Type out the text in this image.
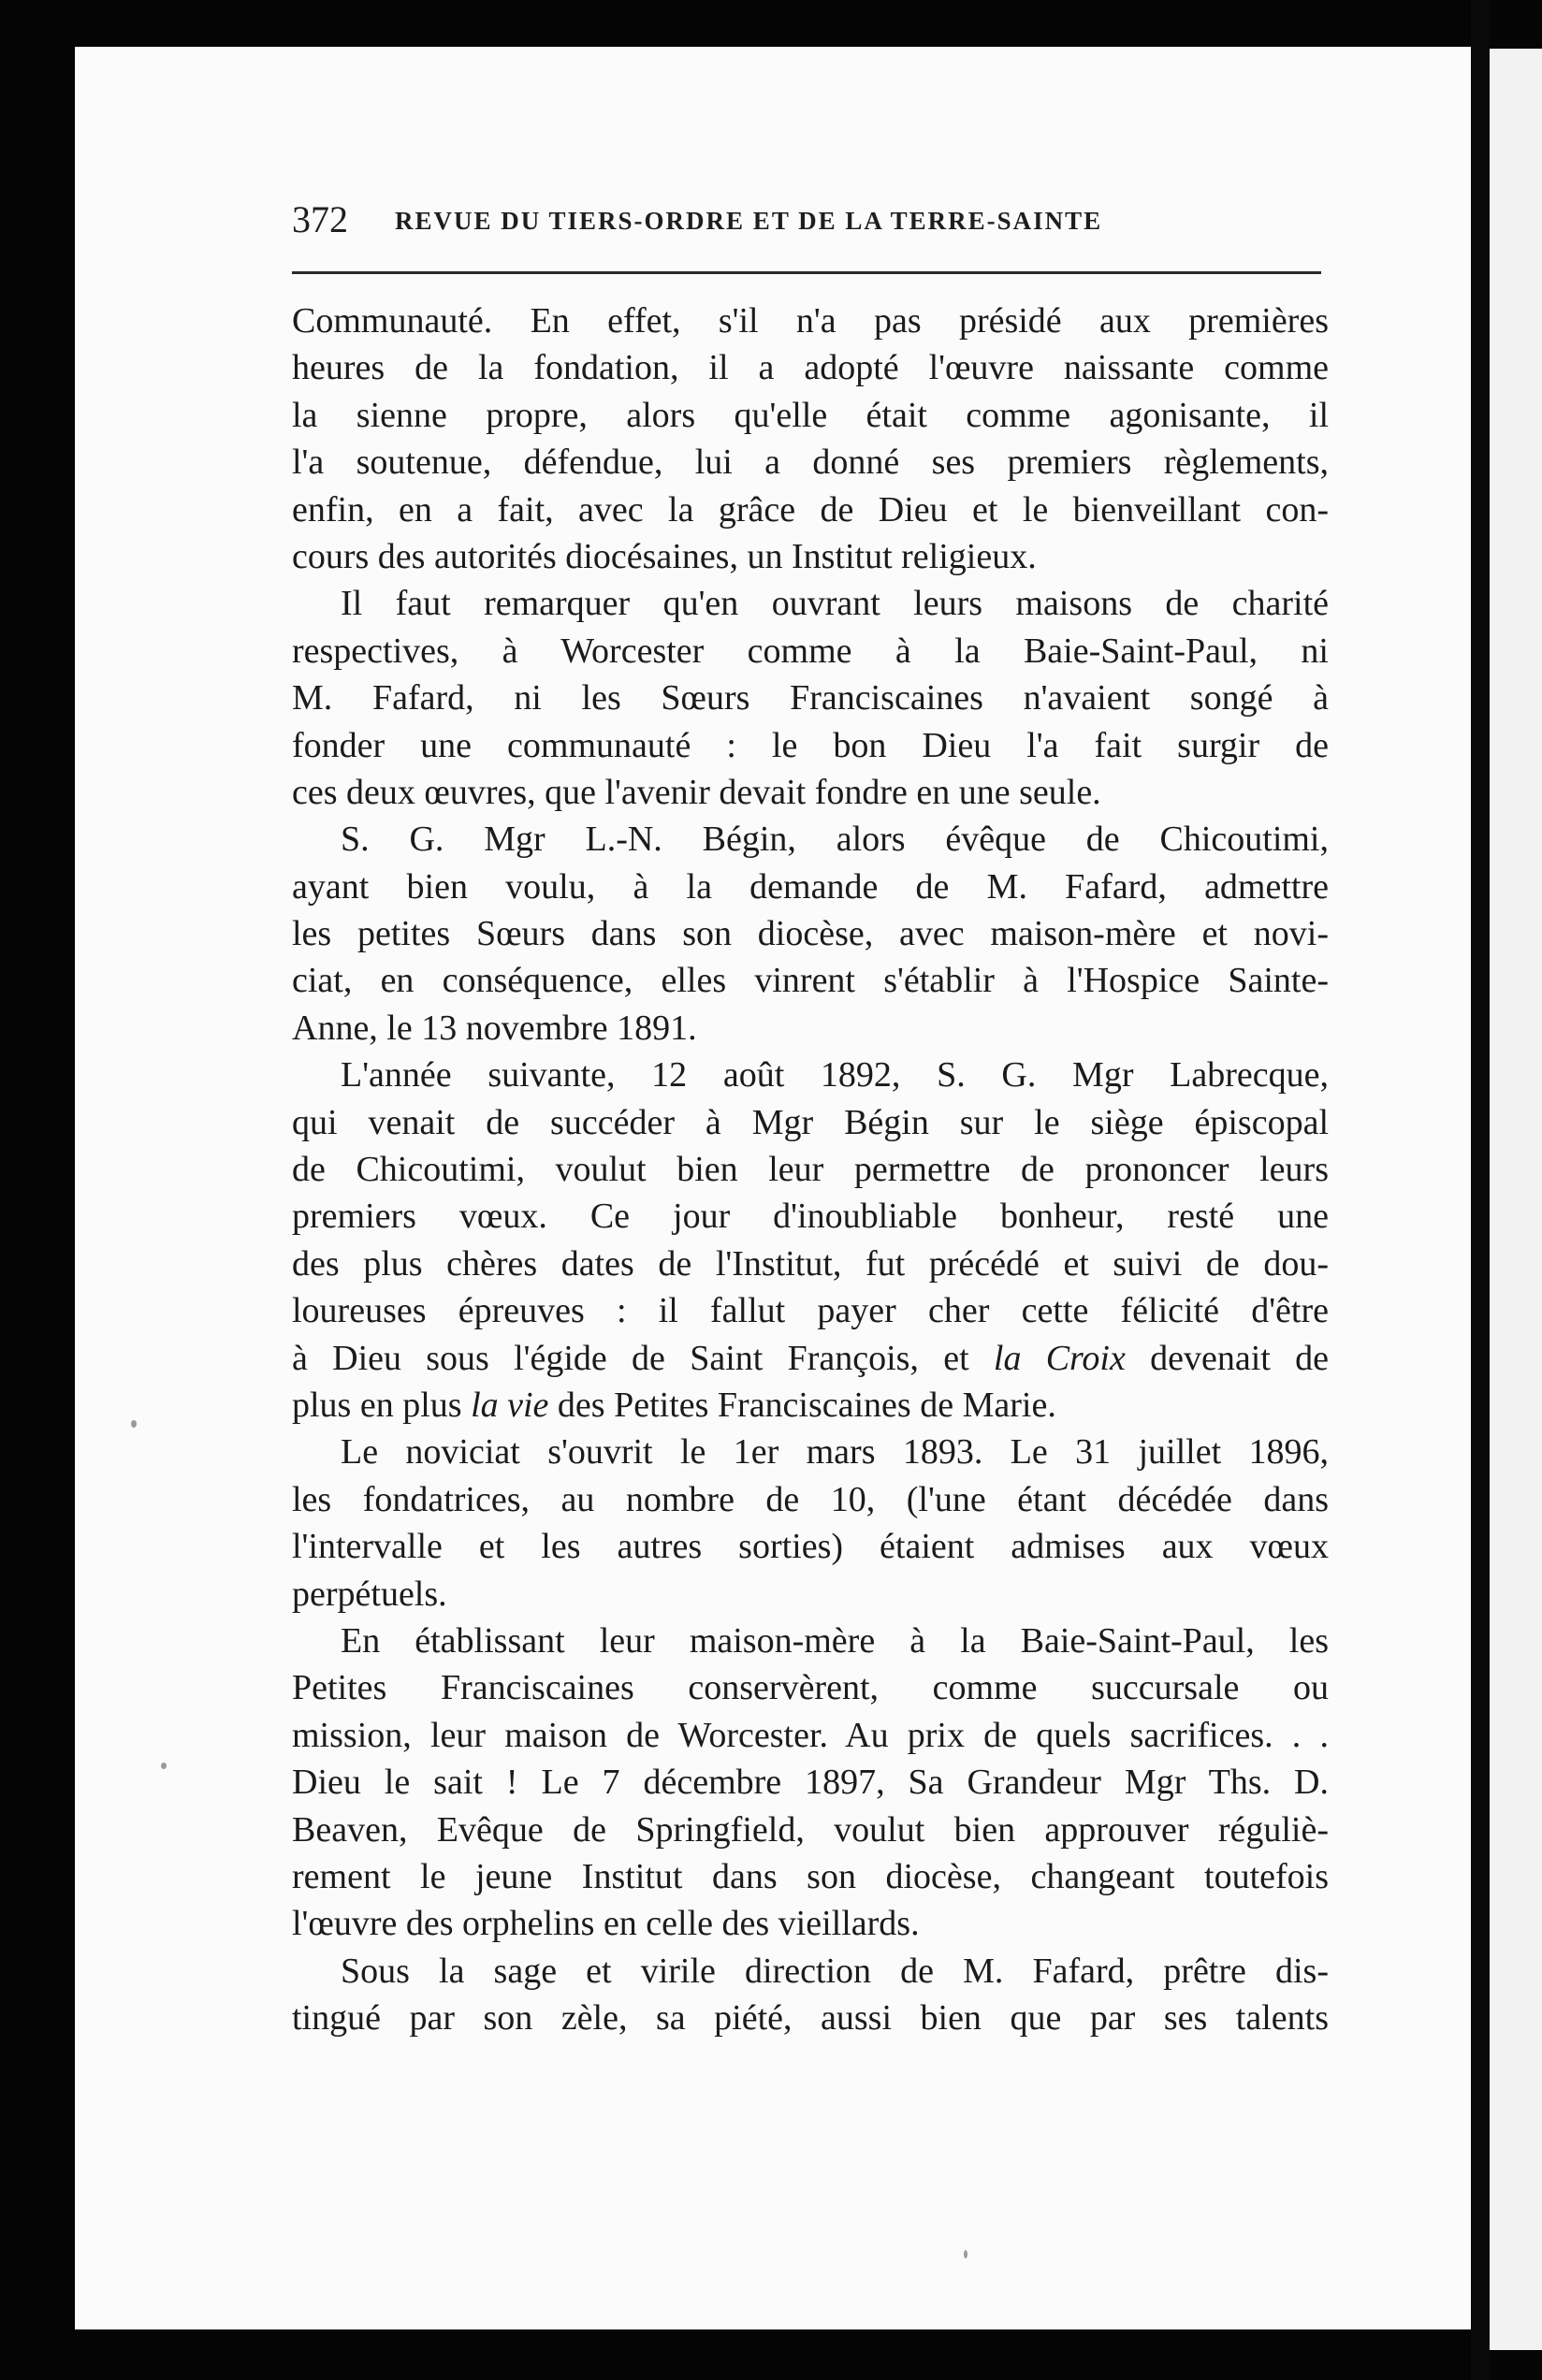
372 REVUE DU TIERS-ORDRE ET DE LA TERRE-SAINTE
Communauté. En effet, s'il n'a pas présidé aux premières
heures de la fondation, il a adopté l'œuvre naissante comme
la sienne propre, alors qu'elle était comme agonisante, il
l'a soutenue, défendue, lui a donné ses premiers règlements,
enfin, en a fait, avec la grâce de Dieu et le bienveillant con-
cours des autorités diocésaines, un Institut religieux.
Il faut remarquer qu'en ouvrant leurs maisons de charité
respectives, à Worcester comme à la Baie-Saint-Paul, ni
M. Fafard, ni les Sœurs Franciscaines n'avaient songé à
fonder une communauté : le bon Dieu l'a fait surgir de
ces deux œuvres, que l'avenir devait fondre en une seule.
S. G. Mgr L.-N. Bégin, alors évêque de Chicoutimi,
ayant bien voulu, à la demande de M. Fafard, admettre
les petites Sœurs dans son diocèse, avec maison-mère et novi-
ciat, en conséquence, elles vinrent s'établir à l'Hospice Sainte-
Anne, le 13 novembre 1891.
L'année suivante, 12 août 1892, S. G. Mgr Labrecque,
qui venait de succéder à Mgr Bégin sur le siège épiscopal
de Chicoutimi, voulut bien leur permettre de prononcer leurs
premiers vœux. Ce jour d'inoubliable bonheur, resté une
des plus chères dates de l'Institut, fut précédé et suivi de dou-
loureuses épreuves : il fallut payer cher cette félicité d'être
à Dieu sous l'égide de Saint François, et la Croix devenait de
plus en plus la vie des Petites Franciscaines de Marie.
Le noviciat s'ouvrit le 1er mars 1893. Le 31 juillet 1896,
les fondatrices, au nombre de 10, (l'une étant décédée dans
l'intervalle et les autres sorties) étaient admises aux vœux
perpétuels.
En établissant leur maison-mère à la Baie-Saint-Paul, les
Petites Franciscaines conservèrent, comme succursale ou
mission, leur maison de Worcester. Au prix de quels sacrifices. . .
Dieu le sait ! Le 7 décembre 1897, Sa Grandeur Mgr Ths. D.
Beaven, Evêque de Springfield, voulut bien approuver réguliè-
rement le jeune Institut dans son diocèse, changeant toutefois
l'œuvre des orphelins en celle des vieillards.
Sous la sage et virile direction de M. Fafard, prêtre dis-
tingué par son zèle, sa piété, aussi bien que par ses talents
